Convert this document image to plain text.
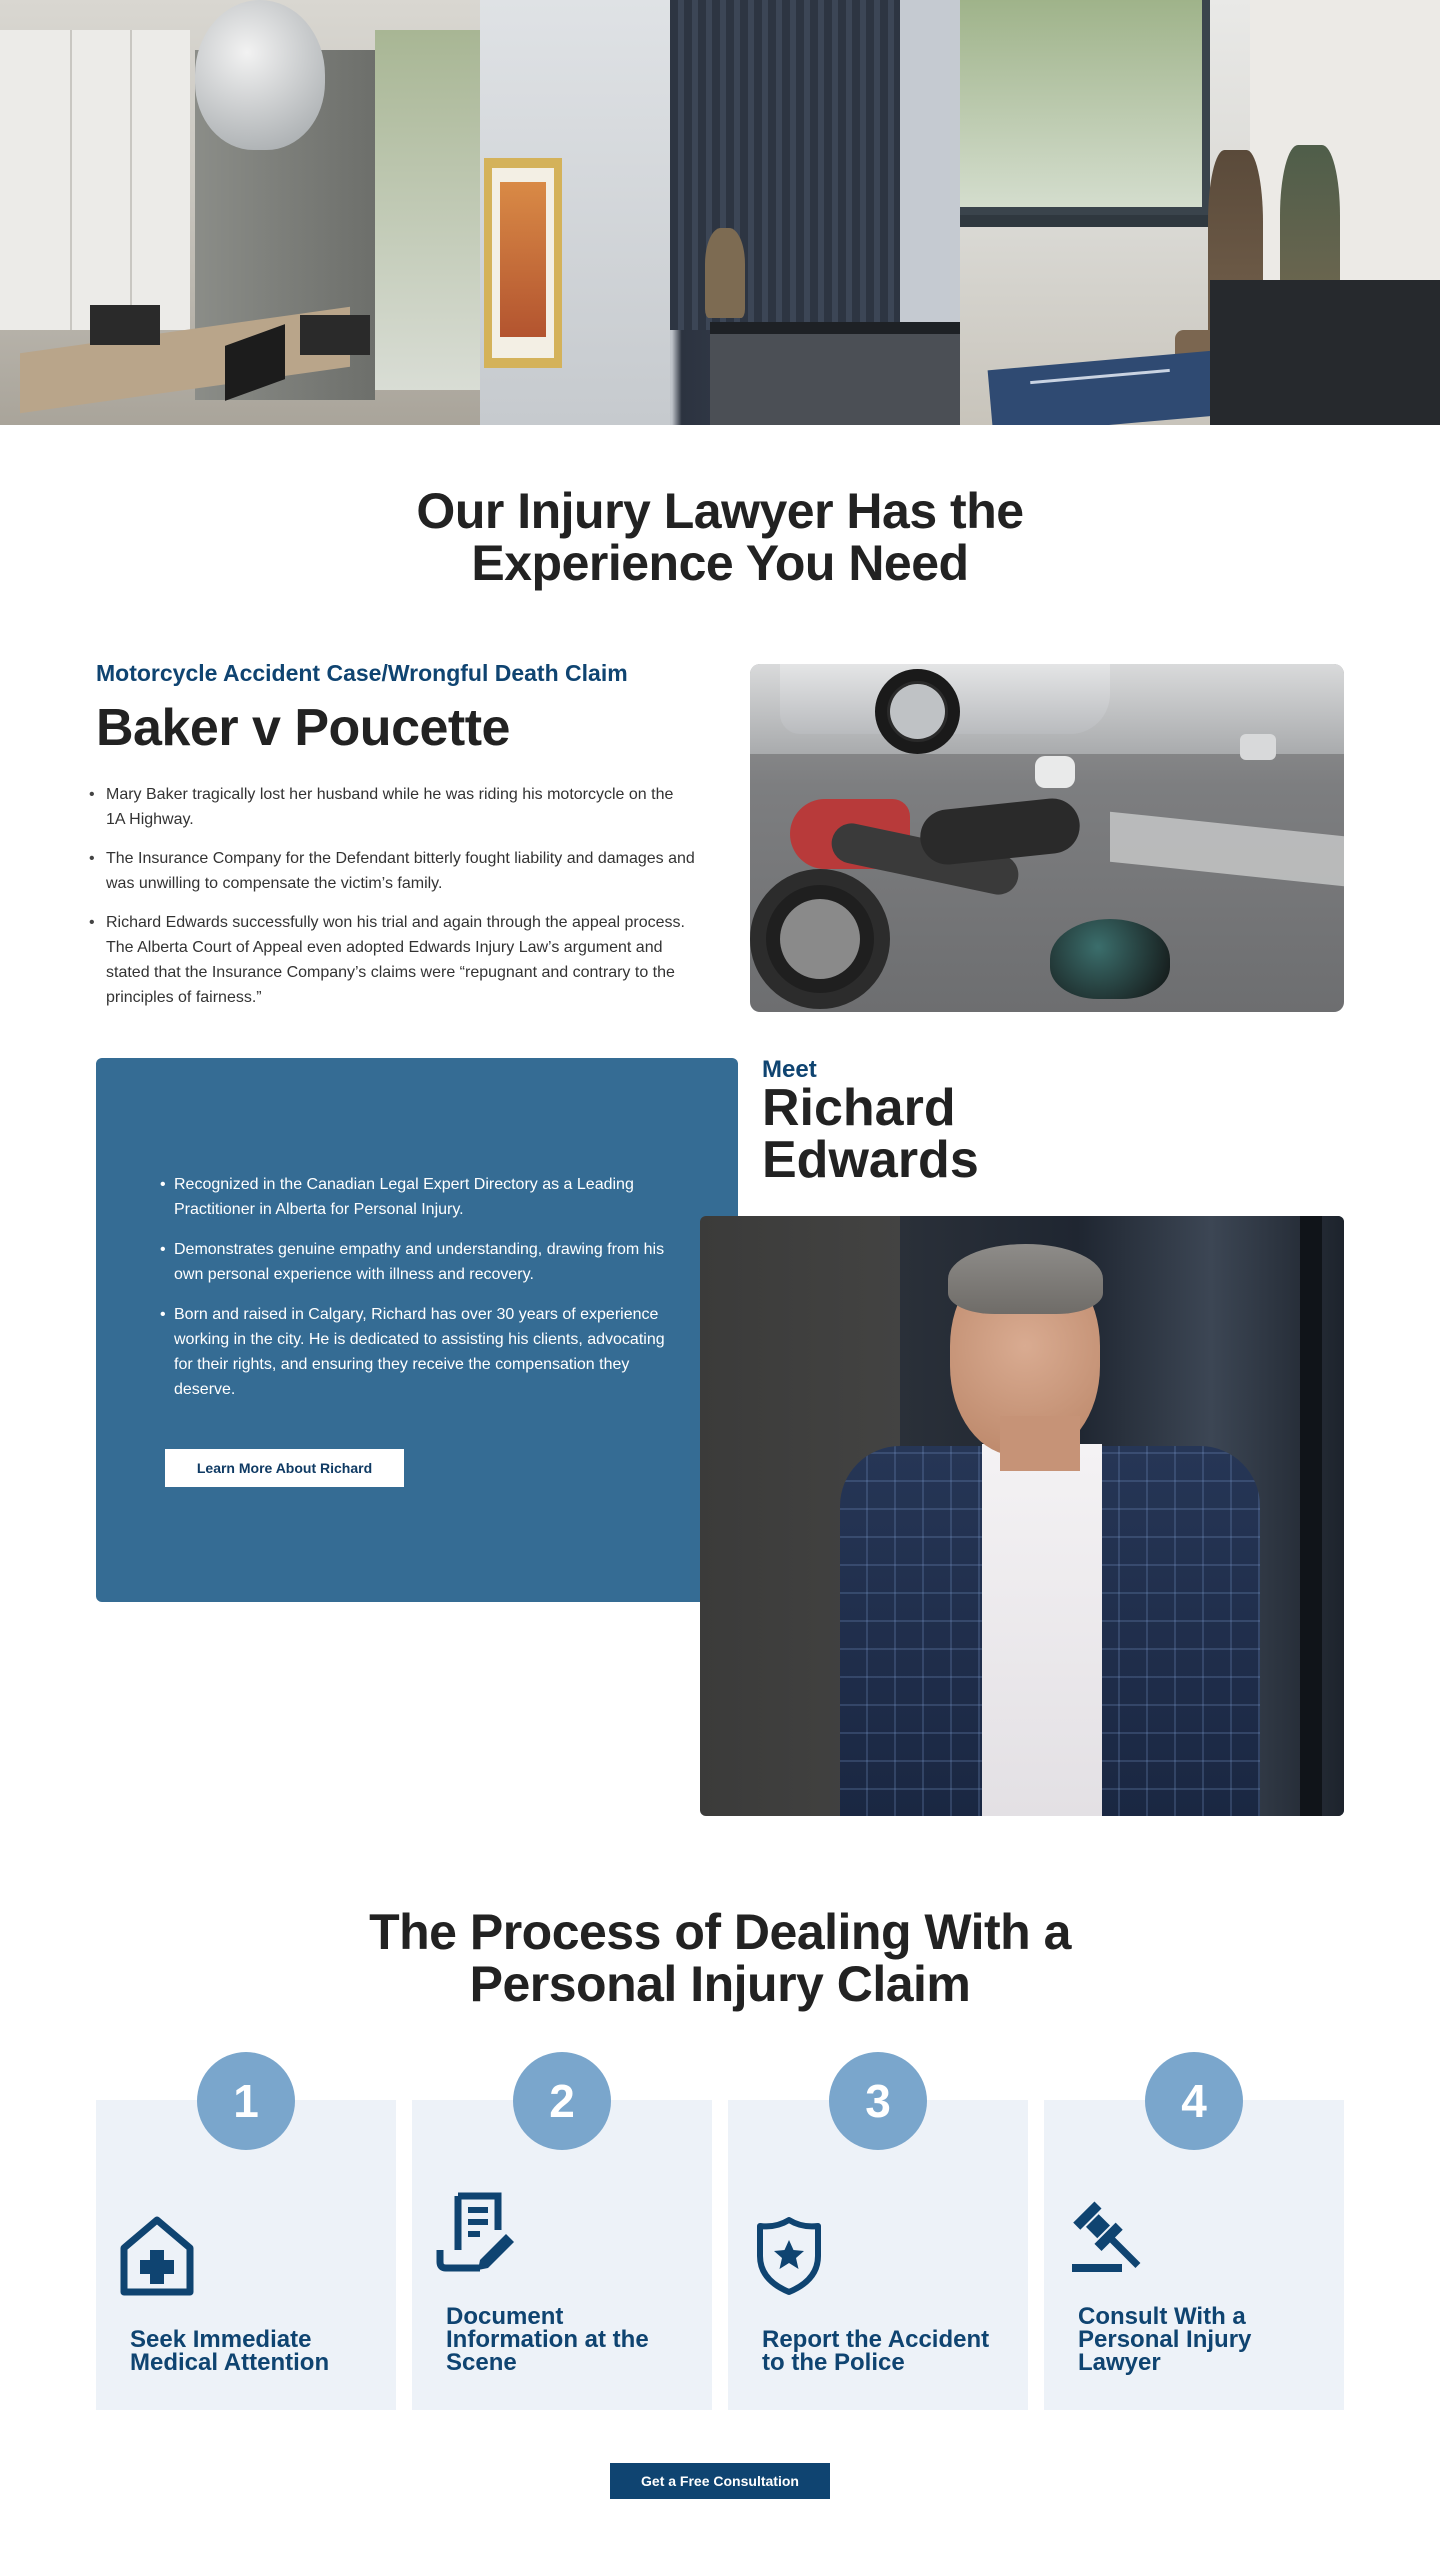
Our Injury Lawyer Has the
Experience You Need
Motorcycle Accident Case/Wrongful Death Claim
Baker v Poucette
• Mary Baker tragically lost her husband while he was riding his motorcycle on the 1A Highway.
• The Insurance Company for the Defendant bitterly fought liability and damages and was unwilling to compensate the victim’s family.
• Richard Edwards successfully won his trial and again through the appeal process. The Alberta Court of Appeal even adopted Edwards Injury Law’s argument and stated that the Insurance Company’s claims were “repugnant and contrary to the principles of fairness.”
• Recognized in the Canadian Legal Expert Directory as a Leading Practitioner in Alberta for Personal Injury.
• Demonstrates genuine empathy and understanding, drawing from his own personal experience with illness and recovery.
• Born and raised in Calgary, Richard has over 30 years of experience working in the city. He is dedicated to assisting his clients, advocating for their rights, and ensuring they receive the compensation they deserve.
Learn More About Richard
Meet
Richard
Edwards
The Process of Dealing With a
Personal Injury Claim
1
Seek Immediate Medical Attention
2
Document Information at the Scene
3
Report the Accident to the Police
4
Consult With a Personal Injury Lawyer
Get a Free Consultation
